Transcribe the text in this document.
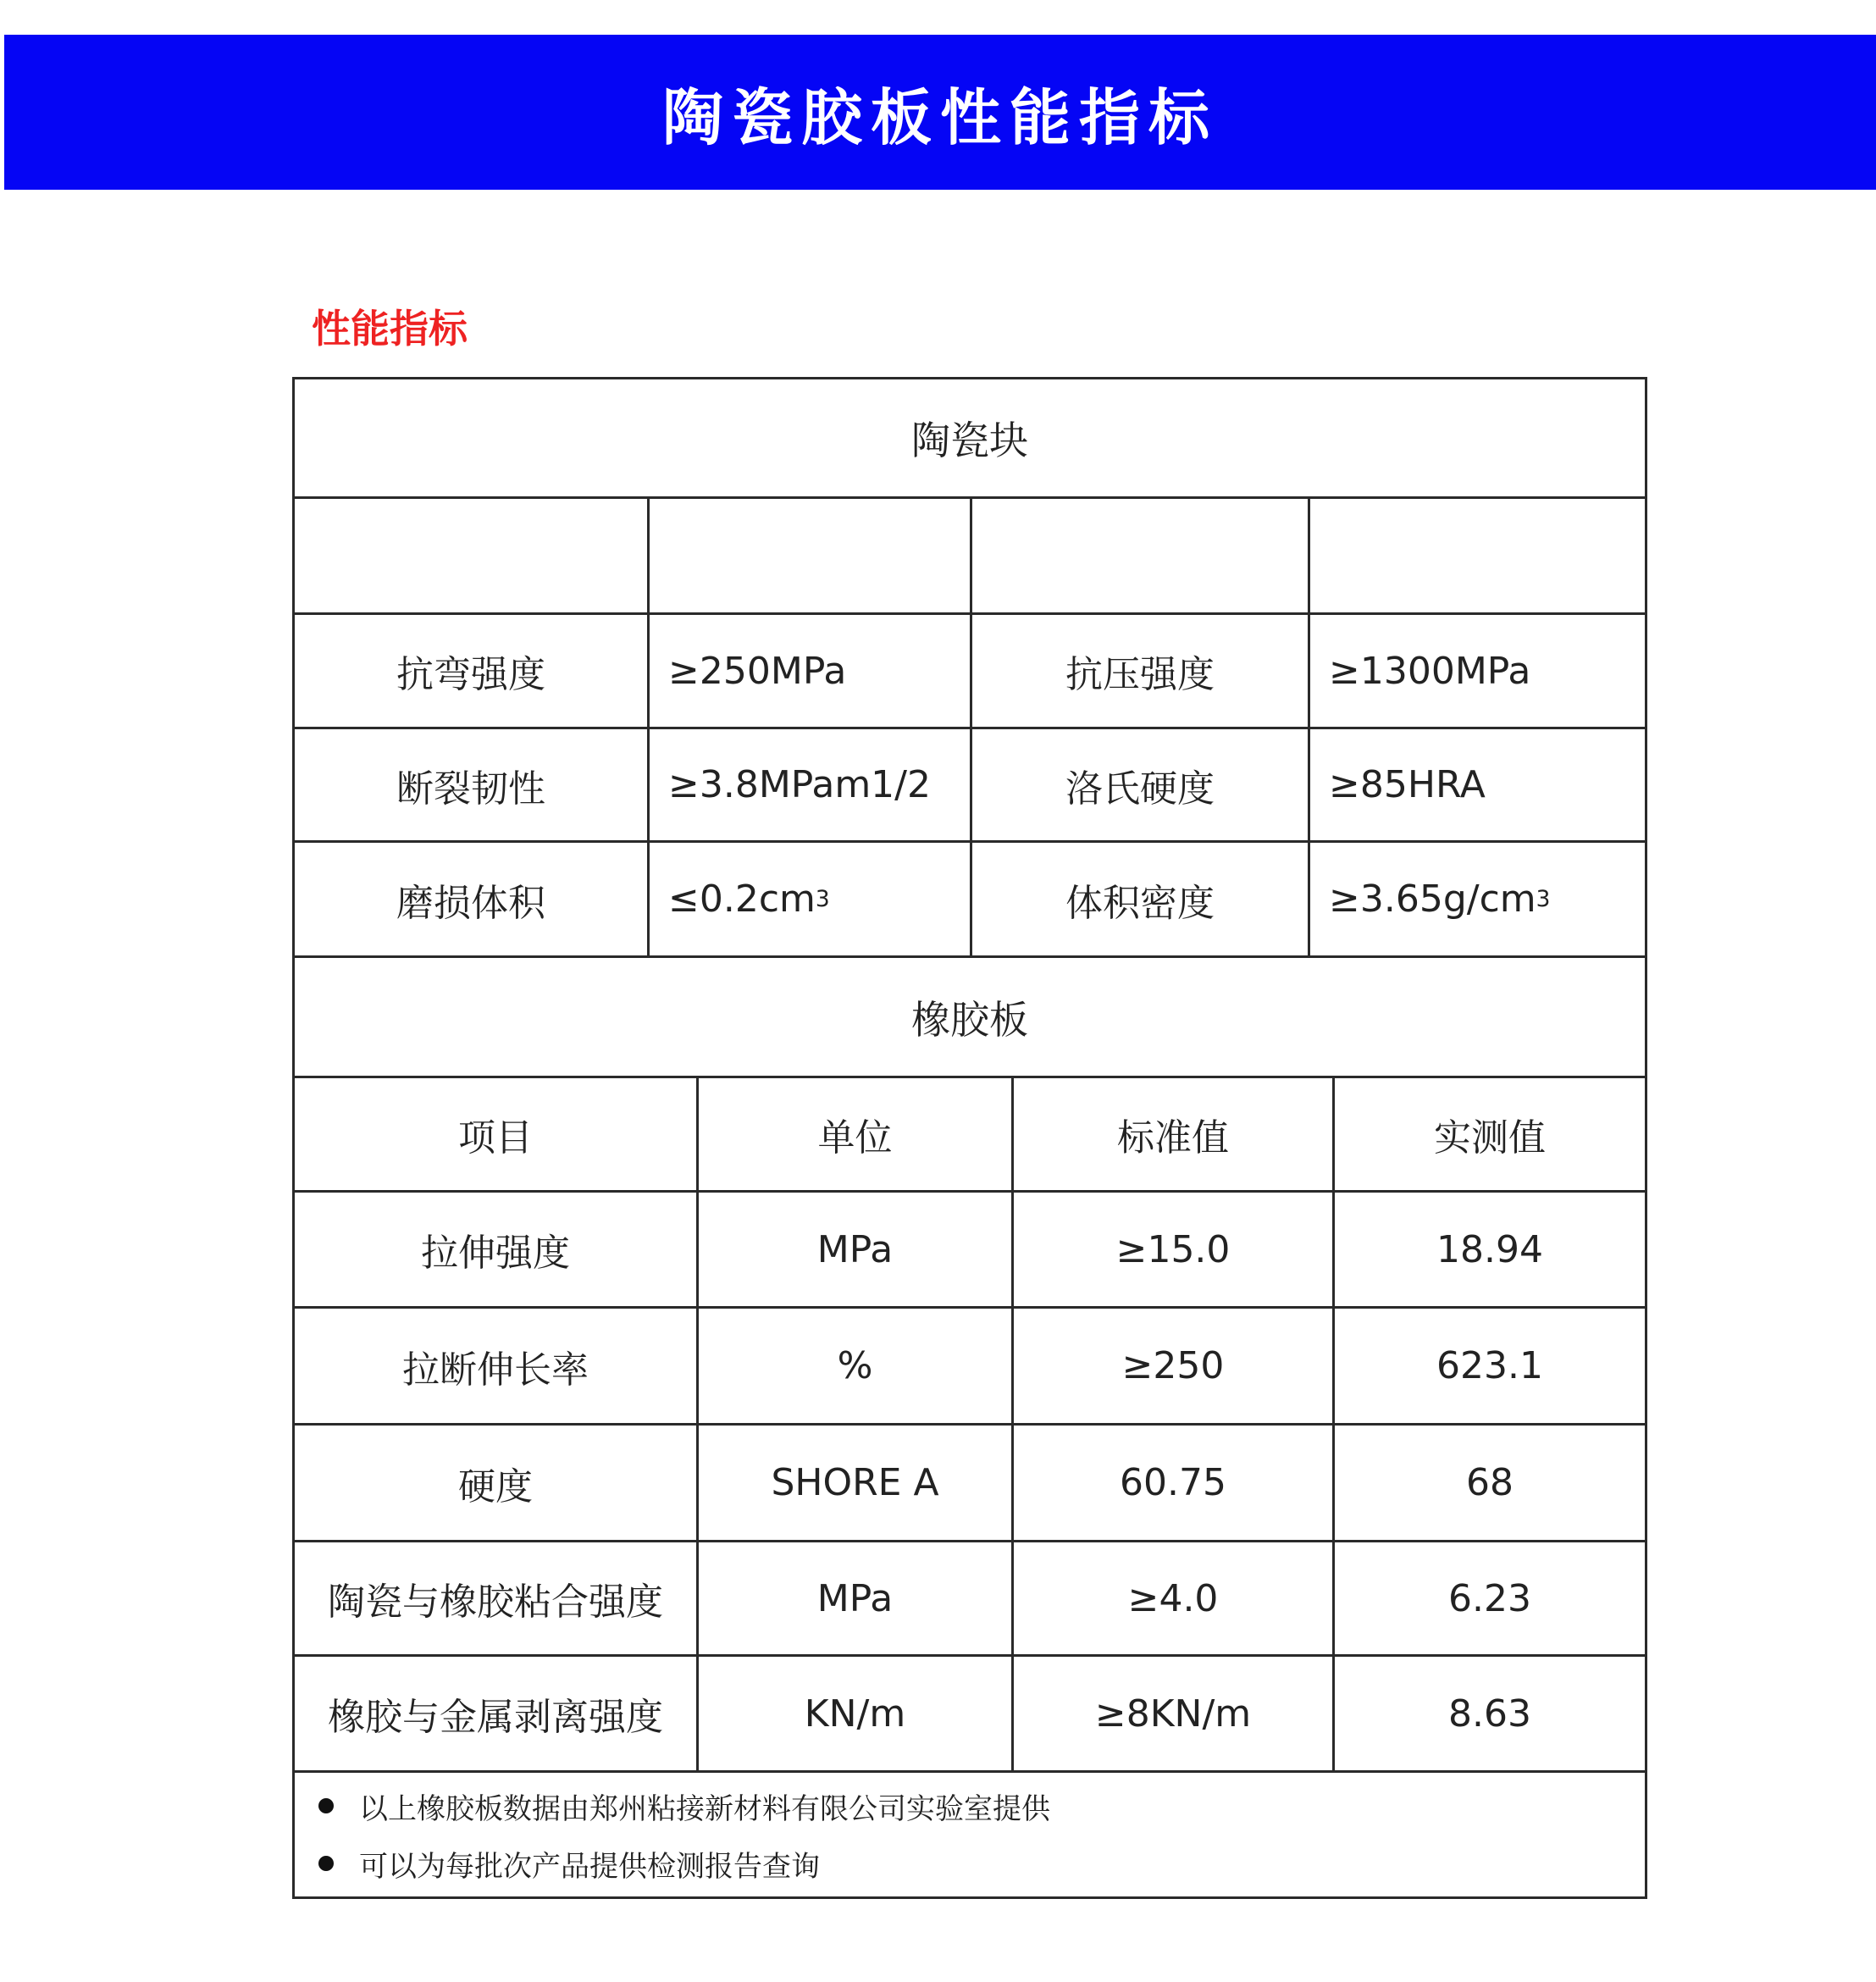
陶瓷胶板性能指标
性能指标
陶瓷块
抗弯强度	≥250MPa	抗压强度	≥1300MPa
断裂韧性	≥3.8MPam1/2	洛氏硬度	≥85HRA
磨损体积	≤0.2cm 3	体积密度	≥3.65g/cm 3
橡胶板
项目	单位	标准值	实测值
拉伸强度	MPa	≥15.0	18.94
拉断伸长率	%	≥250	623.1
硬度	SHORE A	60.75	68
陶瓷与橡胶粘合强度	MPa	≥4.0	6.23
橡胶与金属剥离强度	KN/m	≥8KN/m	8.63
以上橡胶板数据由郑州粘接新材料有限公司实验室提供
可以为每批次产品提供检测报告查询
